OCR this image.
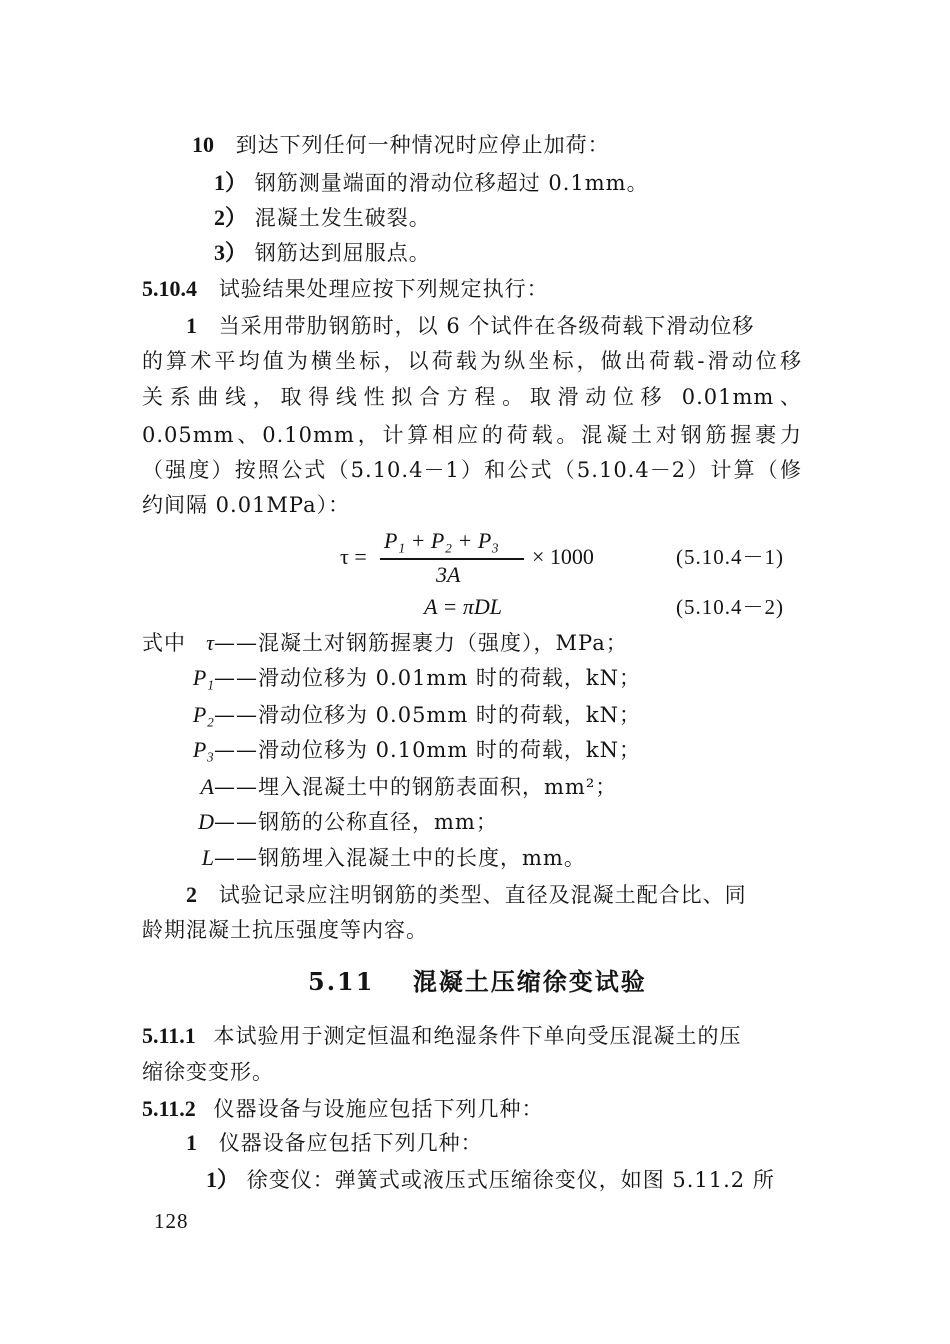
10 到达下列任何一种情况时应停止加荷：
1） 钢筋测量端面的滑动位移超过 0.1mm。
2） 混凝土发生破裂。
3） 钢筋达到屈服点。
5.10.4 试验结果处理应按下列规定执行：
1 当采用带肋钢筋时，以 6 个试件在各级荷载下滑动位移
的算术平均值为横坐标，以荷载为纵坐标，做出荷载-滑动位移
关系曲线，取得线性拟合方程。取滑动位移 0.01mm、
0.05mm、0.10mm，计算相应的荷载。混凝土对钢筋握裹力
（强度）按照公式（5.10.4－1）和公式（5.10.4－2）计算（修
约间隔 0.01MPa）：
τ =
P₁ + P₂ + P₃
3A
× 1000	(5.10.4－1)
A = πDL	(5.10.4－2)
式中 τ——混凝土对钢筋握裹力（强度），MPa；
P₁——滑动位移为 0.01mm 时的荷载，kN；
P₂——滑动位移为 0.05mm 时的荷载，kN；
P₃——滑动位移为 0.10mm 时的荷载，kN；
A——埋入混凝土中的钢筋表面积，mm²；
D——钢筋的公称直径，mm；
L——钢筋埋入混凝土中的长度，mm。
2 试验记录应注明钢筋的类型、直径及混凝土配合比、同
龄期混凝土抗压强度等内容。
5.11 混凝土压缩徐变试验
5.11.1 本试验用于测定恒温和绝湿条件下单向受压混凝土的压
缩徐变变形。
5.11.2 仪器设备与设施应包括下列几种：
1 仪器设备应包括下列几种：
1） 徐变仪：弹簧式或液压式压缩徐变仪，如图 5.11.2 所
128
